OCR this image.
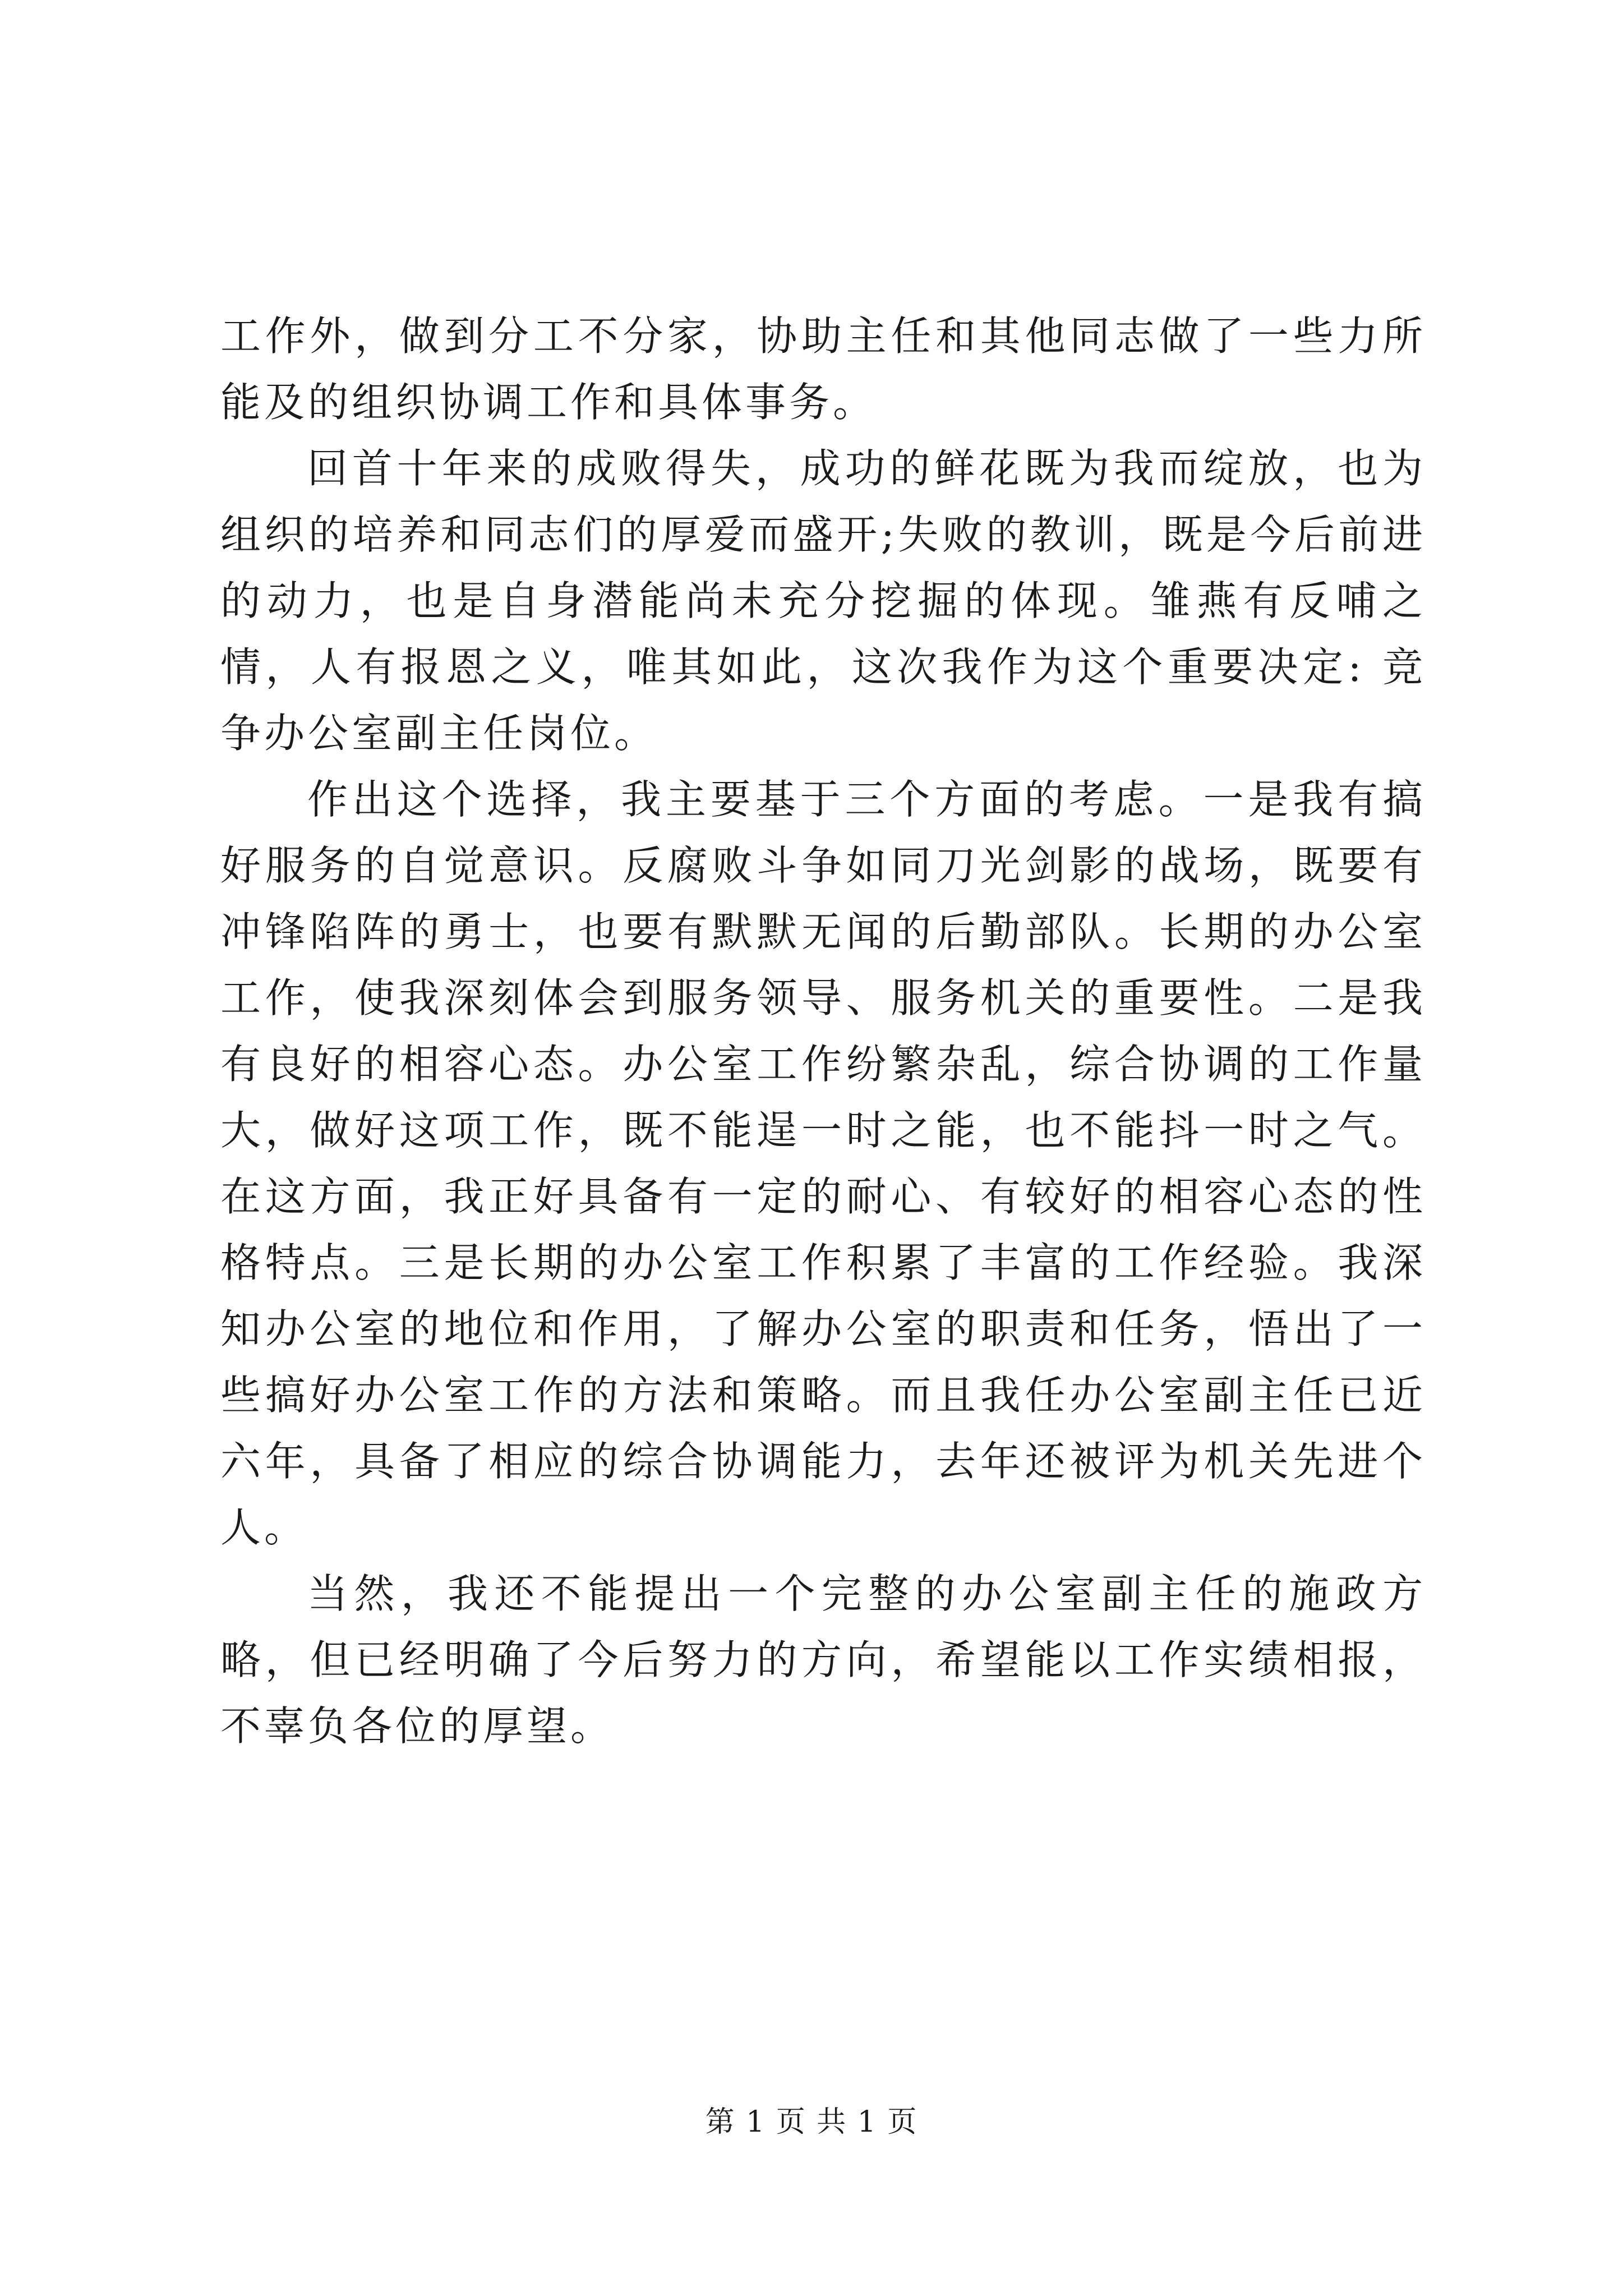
工作外，做到分工不分家，协助主任和其他同志做了一些力所能及的组织协调工作和具体事务。

回首十年来的成败得失，成功的鲜花既为我而绽放，也为组织的培养和同志们的厚爱而盛开;失败的教训，既是今后前进的动力，也是自身潜能尚未充分挖掘的体现。雏燕有反哺之情，人有报恩之义，唯其如此，这次我作为这个重要决定: 竞争办公室副主任岗位。

作出这个选择，我主要基于三个方面的考虑。一是我有搞好服务的自觉意识。反腐败斗争如同刀光剑影的战场，既要有冲锋陷阵的勇士，也要有默默无闻的后勤部队。长期的办公室工作，使我深刻体会到服务领导、服务机关的重要性。二是我有良好的相容心态。办公室工作纷繁杂乱，综合协调的工作量大，做好这项工作，既不能逞一时之能，也不能抖一时之气。在这方面，我正好具备有一定的耐心、有较好的相容心态的性格特点。三是长期的办公室工作积累了丰富的工作经验。我深知办公室的地位和作用，了解办公室的职责和任务，悟出了一些搞好办公室工作的方法和策略。而且我任办公室副主任已近六年，具备了相应的综合协调能力，去年还被评为机关先进个人。

当然，我还不能提出一个完整的办公室副主任的施政方略，但已经明确了今后努力的方向，希望能以工作实绩相报，不辜负各位的厚望。

第 1 页 共 1 页
